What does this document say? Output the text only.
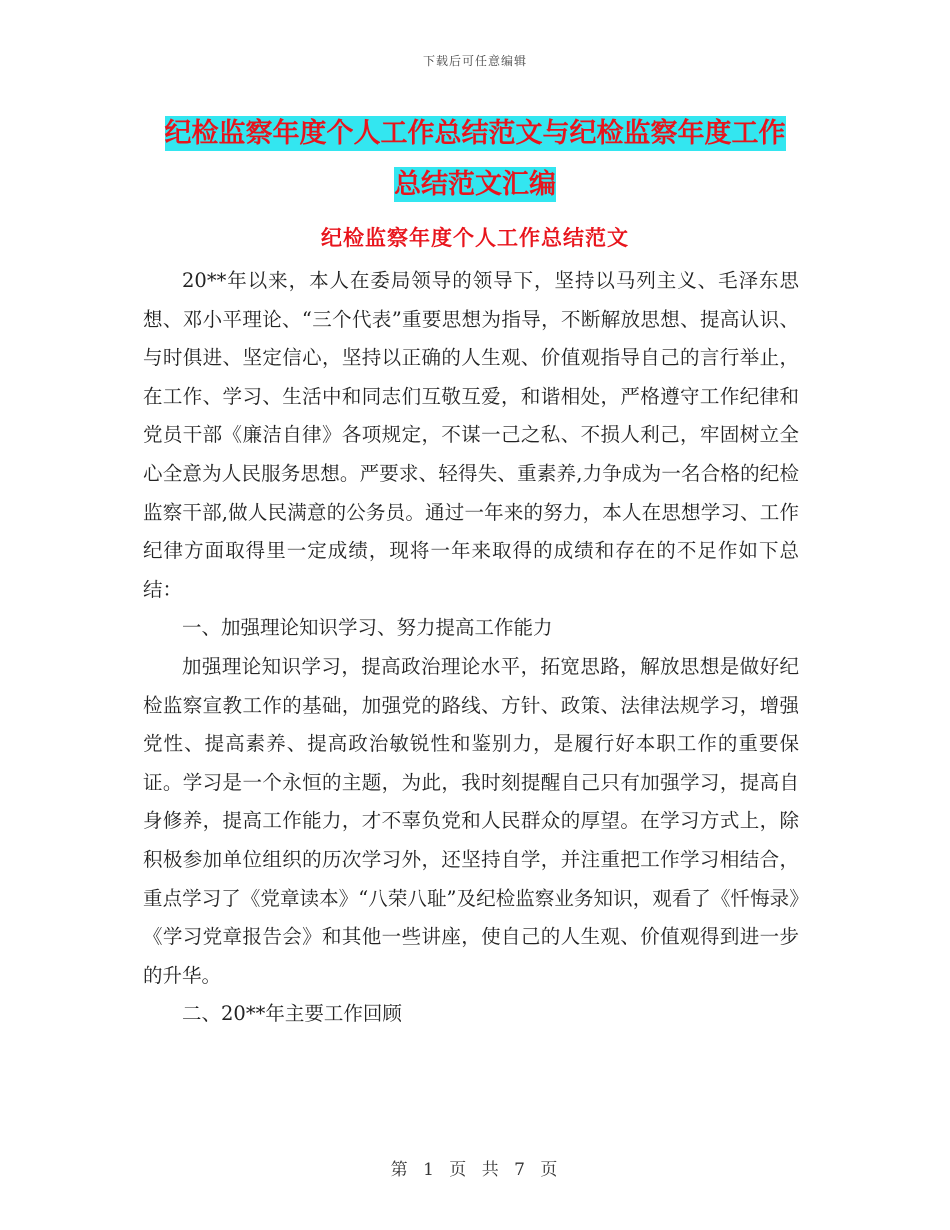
下载后可任意编辑
纪检监察年度个人工作总结范文与纪检监察年度工作
总结范文汇编
纪检监察年度个人工作总结范文

20**年以来，本人在委局领导的领导下，坚持以马列主义、毛泽东思想、邓小平理论、“三个代表”重要思想为指导，不断解放思想、提高认识、与时俱进、坚定信心，坚持以正确的人生观、价值观指导自己的言行举止，在工作、学习、生活中和同志们互敬互爱，和谐相处，严格遵守工作纪律和党员干部《廉洁自律》各项规定，不谋一己之私、不损人利己，牢固树立全心全意为人民服务思想。严要求、轻得失、重素养,力争成为一名合格的纪检监察干部,做人民满意的公务员。通过一年来的努力，本人在思想学习、工作纪律方面取得里一定成绩，现将一年来取得的成绩和存在的不足作如下总结：

一、加强理论知识学习、努力提高工作能力

加强理论知识学习，提高政治理论水平，拓宽思路，解放思想是做好纪检监察宣教工作的基础，加强党的路线、方针、政策、法律法规学习，增强党性、提高素养、提高政治敏锐性和鉴别力，是履行好本职工作的重要保证。学习是一个永恒的主题，为此，我时刻提醒自己只有加强学习，提高自身修养，提高工作能力，才不辜负党和人民群众的厚望。在学习方式上，除积极参加单位组织的历次学习外，还坚持自学，并注重把工作学习相结合，重点学习了《党章读本》“八荣八耻”及纪检监察业务知识，观看了《忏悔录》《学习党章报告会》和其他一些讲座，使自己的人生观、价值观得到进一步的升华。

二、20**年主要工作回顾

第 1 页 共 7 页
